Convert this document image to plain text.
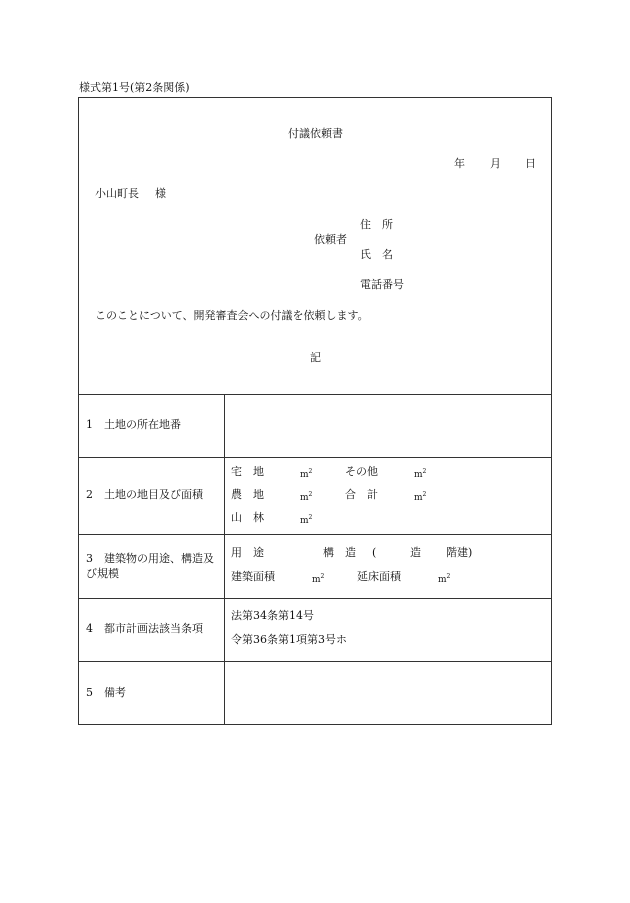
様式第1号(第2条関係)
付議依頼書
年 月 日
小山町長 様
依頼者
住　所
氏　名
電話番号
このことについて、開発審査会への付議を依頼します。
記
1　土地の所在地番
2　土地の地目及び面積
宅　地	$m^2$	その他	$m^2$
農　地	$m^2$	合　計	$m^2$
山　林	$m^2$
3　建築物の用途、構造及
び規模
用　途	構　造 (	造 階建)
建築面積	$m^2$	延床面積	$m^2$
4　都市計画法該当条項
法第34条第14号
令第36条第1項第3号ホ
5　備考
